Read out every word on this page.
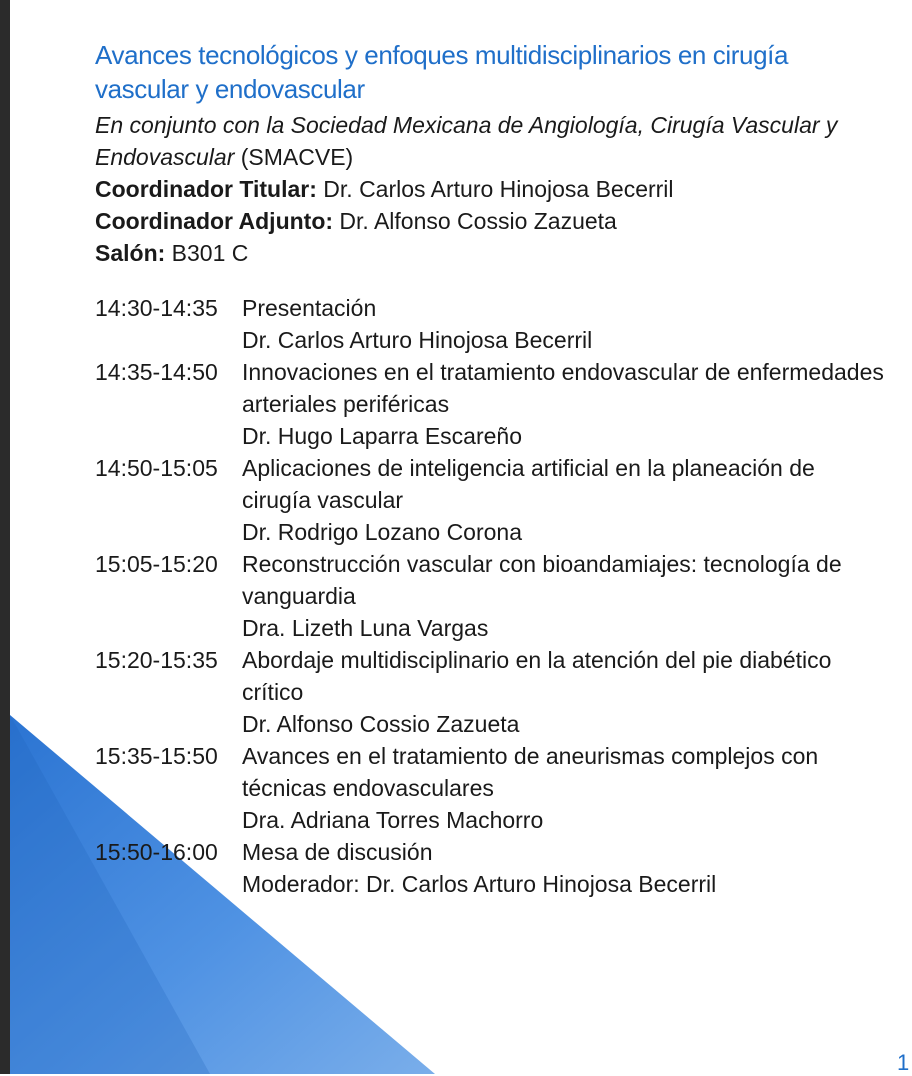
Avances tecnológicos y enfoques multidisciplinarios en cirugía vascular y endovascular
En conjunto con la Sociedad Mexicana de Angiología, Cirugía Vascular y Endovascular (SMACVE)
Coordinador Titular: Dr. Carlos Arturo Hinojosa Becerril
Coordinador Adjunto: Dr. Alfonso Cossio Zazueta
Salón: B301 C
14:30-14:35	Presentación
Dr. Carlos Arturo Hinojosa Becerril
14:35-14:50	Innovaciones en el tratamiento endovascular de enfermedades arteriales periféricas
Dr. Hugo Laparra Escareño
14:50-15:05	Aplicaciones de inteligencia artificial en la planeación de cirugía vascular
Dr. Rodrigo Lozano Corona
15:05-15:20	Reconstrucción vascular con bioandamiajes: tecnología de vanguardia
Dra. Lizeth Luna Vargas
15:20-15:35	Abordaje multidisciplinario en la atención del pie diabético crítico
Dr. Alfonso Cossio Zazueta
15:35-15:50	Avances en el tratamiento de aneurismas complejos con técnicas endovasculares
Dra. Adriana Torres Machorro
15:50-16:00	Mesa de discusión
Moderador: Dr. Carlos Arturo Hinojosa Becerril
1
